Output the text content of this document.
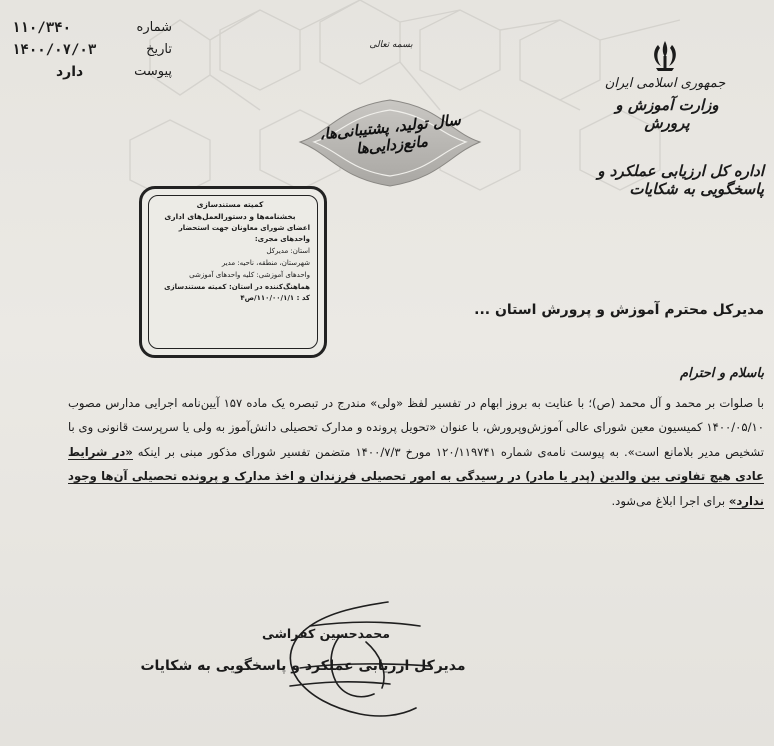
شماره
۱۱۰/۳۴۰
تاریخ
۱۴۰۰/۰۷/۰۳
پیوست
دارد
جمهوری اسلامی ایران
وزارت آموزش و پرورش
بسمه تعالی
سال تولید، پشتیبانی‌ها، مانع‌زدایی‌ها
اداره کل ارزیابی عملکرد و پاسخگویی به شکایات
کمیته مستندسازی
بخشنامه‌ها و دستورالعمل‌های اداری
اعضای شورای معاونان جهت استحضار
واحدهای مجری:
استان: مدیرکل
شهرستان، منطقه، ناحیه: مدیر
واحدهای آموزشی: کلیه واحدهای آموزشی
هماهنگ‌کننده در استان: کمیته مستندسازی
کد : ۱۱۰/۰۰/۱/۱/ص۴
مدیرکل محترم آموزش و پرورش استان ...
باسلام و احترام

با صلوات بر محمد و آل محمد (ص)؛ با عنایت به بروز ابهام در تفسیر لفظ «ولی» مندرج در تبصره یک ماده ۱۵۷ آیین‌نامه اجرایی مدارس مصوب ۱۴۰۰/۰۵/۱۰ کمیسیون معین شورای عالی آموزش‌وپرورش، با عنوان «تحویل پرونده و مدارک تحصیلی دانش‌آموز به ولی یا سرپرست قانونی وی با تشخیص مدیر بلامانع است». به پیوست نامه‌ی شماره ۱۲۰/۱۱۹۷۴۱ مورخ ۱۴۰۰/۷/۳ متضمن تفسیر شورای مذکور مبنی بر اینکه «در شرایط عادی هیچ تفاوتی بین والدین (پدر یا مادر) در رسیدگی به امور تحصیلی فرزندان و اخذ مدارک و پرونده تحصیلی آن‌ها وجود ندارد» برای اجرا ابلاغ می‌شود.

محمدحسین کفراشی
مدیرکل ارزیابی عملکرد و پاسخگویی به شکایات
